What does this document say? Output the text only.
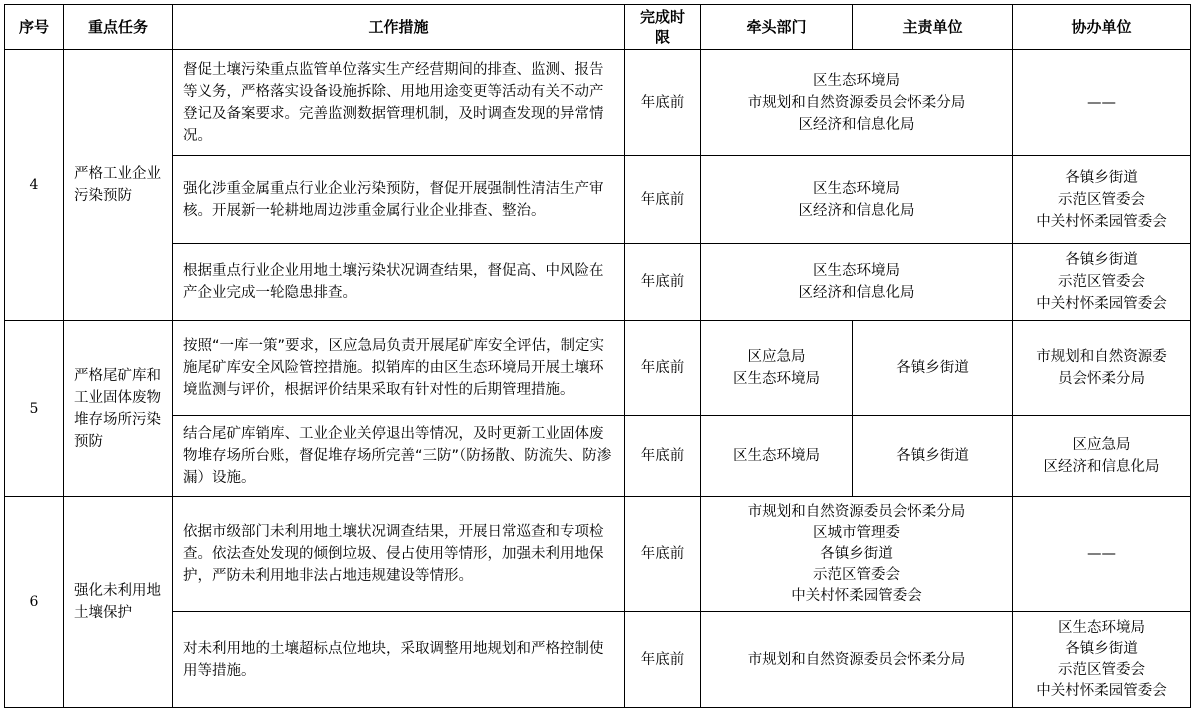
序号	重点任务	工作措施	完成时限	牵头部门	主责单位	协办单位
4	严格工业企业污染预防	督促土壤污染重点监管单位落实生产经营期间的排查、监测、报告等义务，严格落实设备设施拆除、用地用途变更等活动有关不动产登记及备案要求。完善监测数据管理机制，及时调查发现的异常情况。	年底前	区生态环境局
市规划和自然资源委员会怀柔分局
区经济和信息化局		——

		强化涉重金属重点行业企业污染预防，督促开展强制性清洁生产审核。开展新一轮耕地周边涉重金属行业企业排查、整治。	年底前	区生态环境局
区经济和信息化局		各镇乡街道
示范区管委会
中关村怀柔园管委会

		根据重点行业企业用地土壤污染状况调查结果，督促高、中风险在产企业完成一轮隐患排查。	年底前	区生态环境局
区经济和信息化局		各镇乡街道
示范区管委会
中关村怀柔园管委会

5	严格尾矿库和工业固体废物堆存场所污染预防	按照“一库一策”要求，区应急局负责开展尾矿库安全评估，制定实施尾矿库安全风险管控措施。拟销库的由区生态环境局开展土壤环境监测与评价，根据评价结果采取有针对性的后期管理措施。	年底前	区应急局
区生态环境局	各镇乡街道	市规划和自然资源委
员会怀柔分局

		结合尾矿库销库、工业企业关停退出等情况，及时更新工业固体废物堆存场所台账，督促堆存场所完善“三防”（防扬散、防流失、防渗漏）设施。	年底前	区生态环境局	各镇乡街道	区应急局
区经济和信息化局

6	强化未利用地土壤保护	依据市级部门未利用地土壤状况调查结果，开展日常巡查和专项检查。依法查处发现的倾倒垃圾、侵占使用等情形，加强未利用地保护，严防未利用地非法占地违规建设等情形。	年底前	市规划和自然资源委员会怀柔分局
区城市管理委
各镇乡街道
示范区管委会
中关村怀柔园管委会		——

		对未利用地的土壤超标点位地块，采取调整用地规划和严格控制使用等措施。	年底前	市规划和自然资源委员会怀柔分局		区生态环境局
各镇乡街道
示范区管委会
中关村怀柔园管委会
